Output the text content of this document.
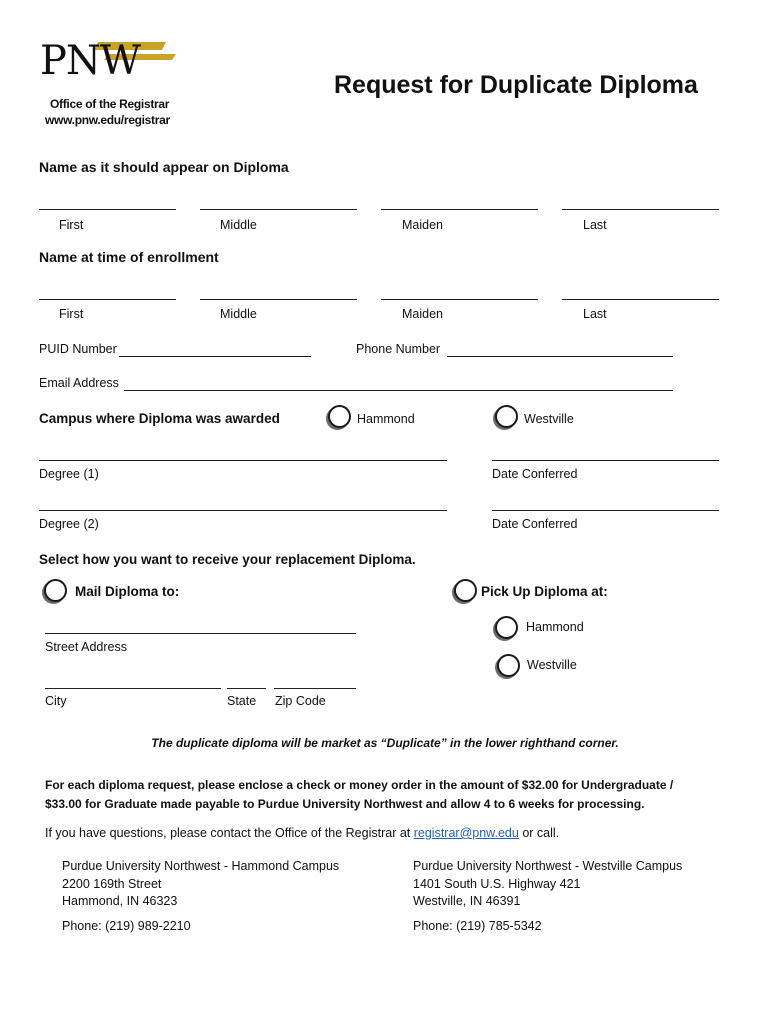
PNW
Office of the Registrar
www.pnw.edu/registrar
Request for Duplicate Diploma
Name as it should appear on Diploma
First	Middle	Maiden	Last
Name at time of enrollment
First	Middle	Maiden	Last
PUID Number	Phone Number
Email Address
Campus where Diploma was awarded	Hammond	Westville
Degree (1)	Date Conferred
Degree (2)	Date Conferred
Select how you want to receive your replacement Diploma.
Mail Diploma to:	Pick Up Diploma at:
Hammond
Westville
Street Address
City	State Zip Code
The duplicate diploma will be market as “Duplicate” in the lower righthand corner.
For each diploma request, please enclose a check or money order in the amount of $32.00 for Undergraduate /
$33.00 for Graduate made payable to Purdue University Northwest and allow 4 to 6 weeks for processing.
If you have questions, please contact the Office of the Registrar at registrar@pnw.edu or call.
Purdue University Northwest - Hammond Campus
2200 169th Street
Hammond, IN 46323
Phone: (219) 989-2210
Purdue University Northwest - Westville Campus
1401 South U.S. Highway 421
Westville, IN 46391
Phone: (219) 785-5342
